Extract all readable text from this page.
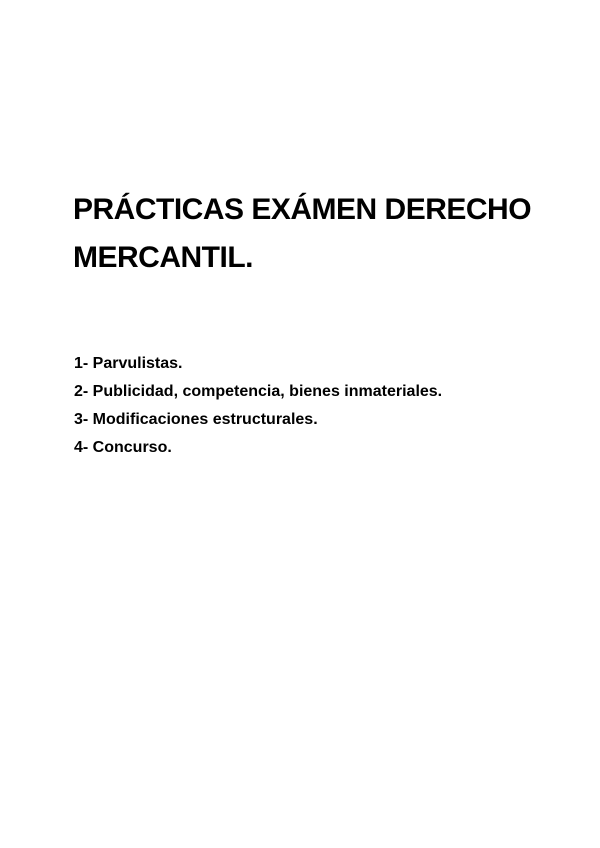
PRÁCTICAS EXÁMEN DERECHO
MERCANTIL.
1- Parvulistas.
2- Publicidad, competencia, bienes inmateriales.
3- Modificaciones estructurales.
4- Concurso.
